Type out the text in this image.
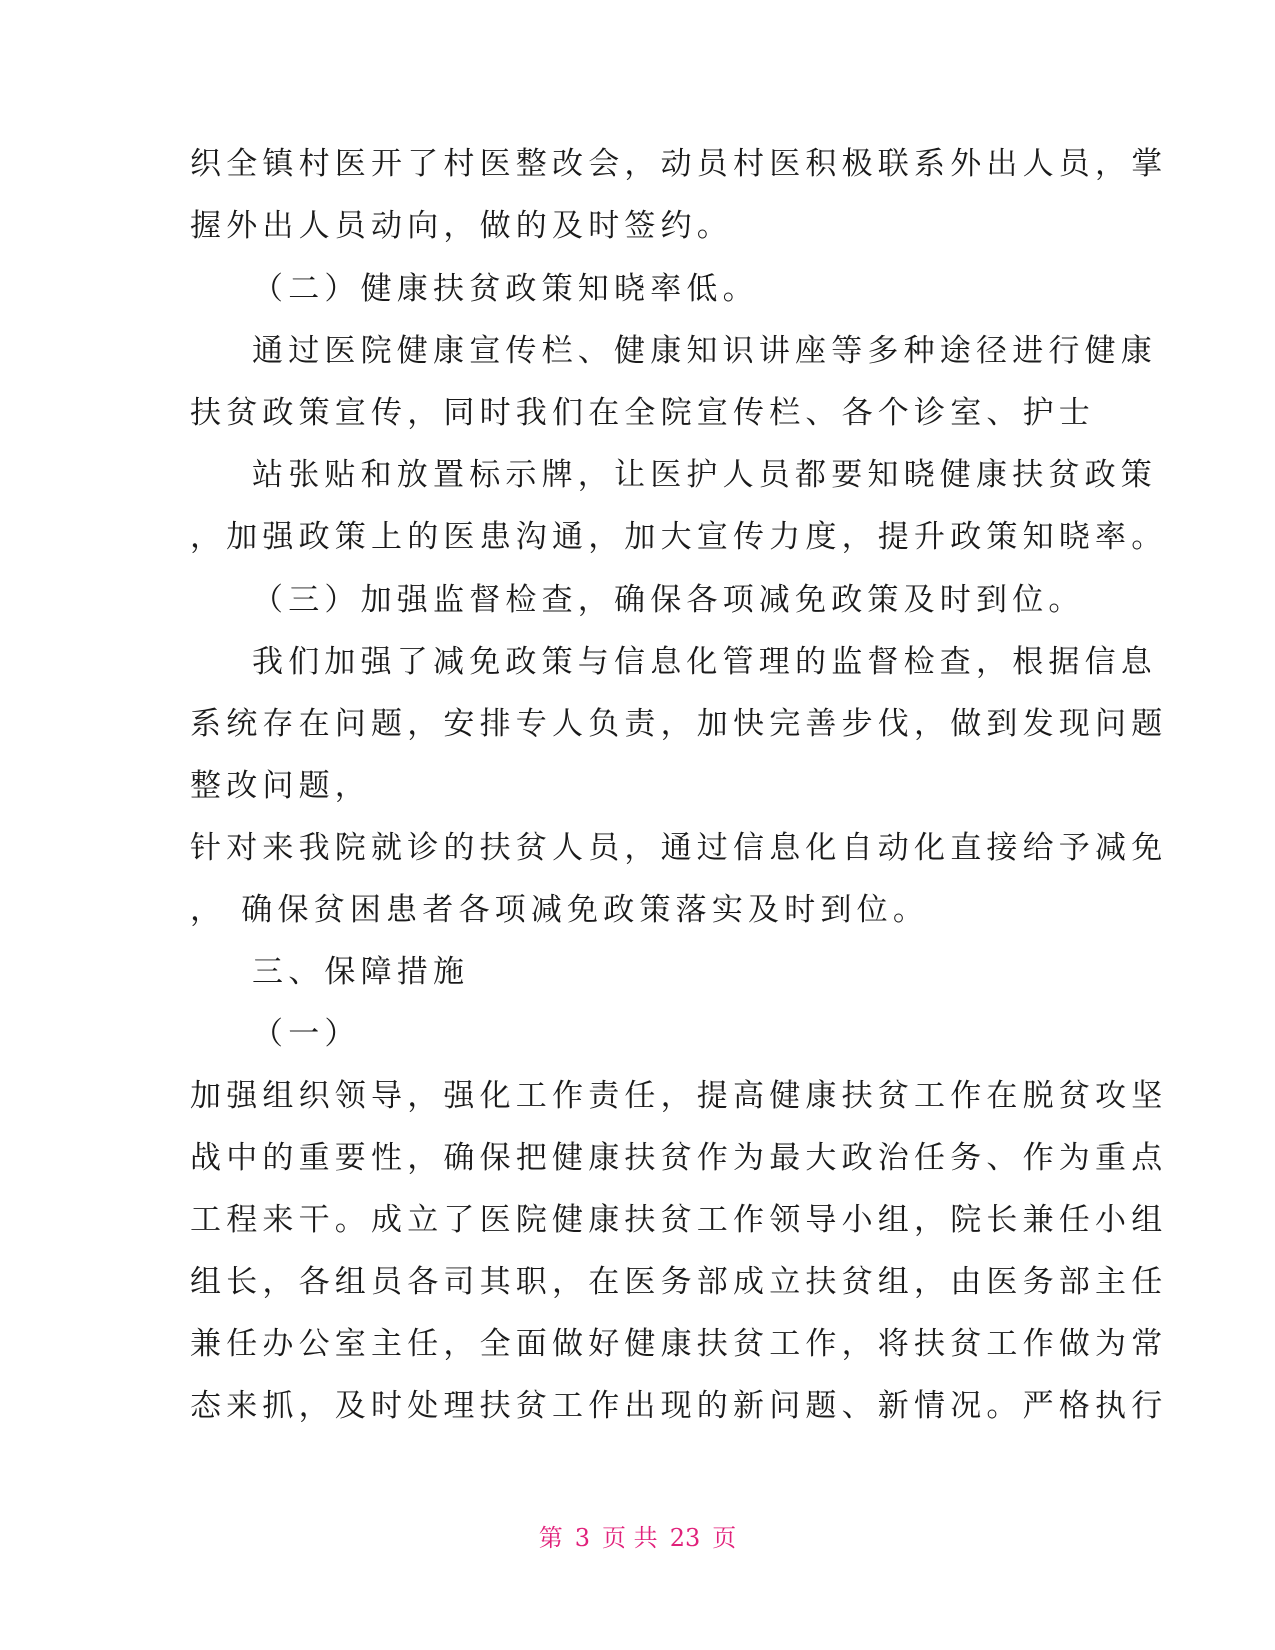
织全镇村医开了村医整改会，动员村医积极联系外出人员，掌
握外出人员动向，做的及时签约。
（二）健康扶贫政策知晓率低。
通过医院健康宣传栏、健康知识讲座等多种途径进行健康
扶贫政策宣传，同时我们在全院宣传栏、各个诊室、护士
站张贴和放置标示牌，让医护人员都要知晓健康扶贫政策
，加强政策上的医患沟通，加大宣传力度，提升政策知晓率。
（三）加强监督检查，确保各项减免政策及时到位。
我们加强了减免政策与信息化管理的监督检查，根据信息
系统存在问题，安排专人负责，加快完善步伐，做到发现问题
整改问题，
针对来我院就诊的扶贫人员，通过信息化自动化直接给予减免
， 确保贫困患者各项减免政策落实及时到位。
三、保障措施
（一）
加强组织领导，强化工作责任，提高健康扶贫工作在脱贫攻坚
战中的重要性，确保把健康扶贫作为最大政治任务、作为重点
工程来干。成立了医院健康扶贫工作领导小组，院长兼任小组
组长，各组员各司其职，在医务部成立扶贫组，由医务部主任
兼任办公室主任，全面做好健康扶贫工作，将扶贫工作做为常
态来抓，及时处理扶贫工作出现的新问题、新情况。严格执行
第 3 页 共 23 页
